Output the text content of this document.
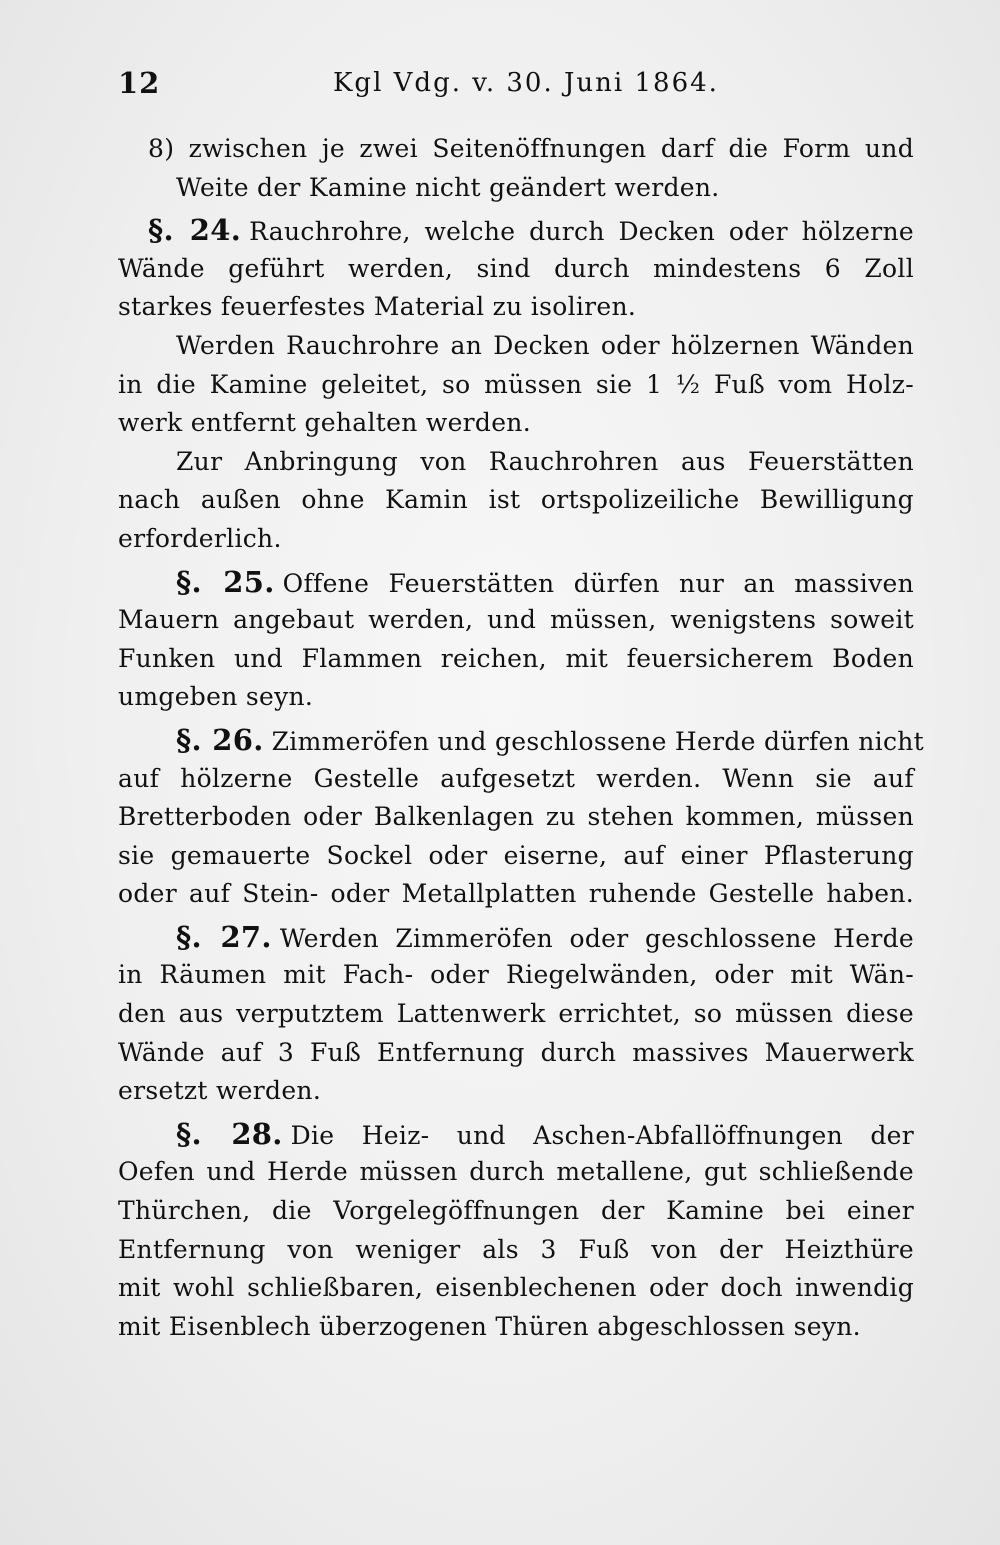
12	Kgl Vdg. v. 30. Juni 1864.
8) zwischen je zwei Seitenöffnungen darf die Form und
Weite der Kamine nicht geändert werden.
§. 24. Rauchrohre, welche durch Decken oder hölzerne
Wände geführt werden, sind durch mindestens 6 Zoll
starkes feuerfestes Material zu isoliren.
Werden Rauchrohre an Decken oder hölzernen Wänden
in die Kamine geleitet, so müssen sie 1 ½ Fuß vom Holz-
werk entfernt gehalten werden.
Zur Anbringung von Rauchrohren aus Feuerstätten
nach außen ohne Kamin ist ortspolizeiliche Bewilligung
erforderlich.
§. 25. Offene Feuerstätten dürfen nur an massiven
Mauern angebaut werden, und müssen, wenigstens soweit
Funken und Flammen reichen, mit feuersicherem Boden
umgeben seyn.
§. 26. Zimmeröfen und geschlossene Herde dürfen nicht
auf hölzerne Gestelle aufgesetzt werden. Wenn sie auf
Bretterboden oder Balkenlagen zu stehen kommen, müssen
sie gemauerte Sockel oder eiserne, auf einer Pflasterung
oder auf Stein- oder Metallplatten ruhende Gestelle haben.
§. 27. Werden Zimmeröfen oder geschlossene Herde
in Räumen mit Fach- oder Riegelwänden, oder mit Wän-
den aus verputztem Lattenwerk errichtet, so müssen diese
Wände auf 3 Fuß Entfernung durch massives Mauerwerk
ersetzt werden.
§. 28. Die Heiz- und Aschen-Abfallöffnungen der
Oefen und Herde müssen durch metallene, gut schließende
Thürchen, die Vorgelegöffnungen der Kamine bei einer
Entfernung von weniger als 3 Fuß von der Heizthüre
mit wohl schließbaren, eisenblechenen oder doch inwendig
mit Eisenblech überzogenen Thüren abgeschlossen seyn.
